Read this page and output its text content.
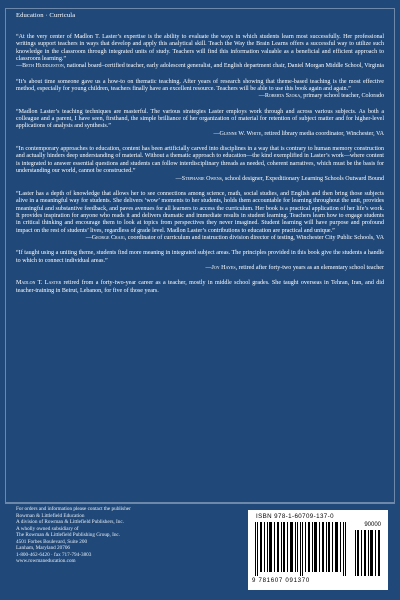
Education · Curricula
“At the very center of Madlon T. Laster’s expertise is the ability to evaluate the ways in which students learn most successfully. Her professional writings support teachers in ways that develop and apply this analytical skill. Teach the Way the Brain Learns offers a successful way to utilize such knowledge in the classroom through integrated units of study. Teachers will find this information valuable as a beneficial and efficient approach to classroom learning.”
—Beth Huddleston, national board–certified teacher, early adolescent generalist, and English department chair, Daniel Morgan Middle School, Virginia
“It’s about time someone gave us a how-to on thematic teaching. After years of research showing that theme-based teaching is the most effective method, especially for young children, teachers finally have an excellent resource. Teachers will be able to use this book again and again.”
—Roberta Szoka, primary school teacher, Colorado
“Madlon Laster’s teaching techniques are masterful. The various strategies Laster employs work through and across various subjects. As both a colleague and a parent, I have seen, firsthand, the simple brilliance of her organization of material for retention of subject matter and for higher-level applications of analysis and synthesis.”
—Glenne W. White, retired library media coordinator, Winchester, VA
“In contemporary approaches to education, content has been artificially carved into disciplines in a way that is contrary to human memory construction and actually hinders deep understanding of material. Without a thematic approach to education—the kind exemplified in Laster’s work—where content is integrated to answer essential questions and students can follow interdisciplinary threads as needed, coherent narratives, which must be the basis for understanding our world, cannot be constructed.”
—Stephanie Owens, school designer, Expeditionary Learning Schools Outward Bound
“Laster has a depth of knowledge that allows her to see connections among science, math, social studies, and English and then bring those subjects alive in a meaningful way for students. She delivers ‘wow’ moments to her students, holds them accountable for learning throughout the unit, provides meaningful and substantive feedback, and paves avenues for all learners to access the curriculum. Her book is a practical application of her life’s work. It provides inspiration for anyone who reads it and delivers dramatic and immediate results in student learning. Teachers learn how to engage students in critical thinking and encourage them to look at topics from perspectives they never imagined. Student learning will have purpose and profound impact on the rest of students’ lives, regardless of grade level. Madlon Laster’s contributions to education are practical and unique.”
—George Craig, coordinator of curriculum and instruction division director of testing, Winchester City Public Schools, VA
“If taught using a uniting theme, students find more meaning in integrated subject areas. The principles provided in this book give the students a handle to which to connect individual areas.”
—Joy Hayes, retired after forty-two years as an elementary school teacher
Madlon T. Laster retired from a forty-two-year career as a teacher, mostly in middle school grades. She taught overseas in Tehran, Iran, and did teacher-training in Beirut, Lebanon, for five of those years.
For orders and information please contact the publisher
Rowman & Littlefield Education
A division of Rowman & Littlefield Publishers, Inc.
A wholly owned subsidiary of
The Rowman & Littlefield Publishing Group, Inc.
4501 Forbes Boulevard, Suite 200
Lanham, Maryland 20706
1-800-462-6420 · fax 717-794-3803
www.rowmaneducation.com
ISBN 978-1-60709-137-0
90000
9 781607 091370
